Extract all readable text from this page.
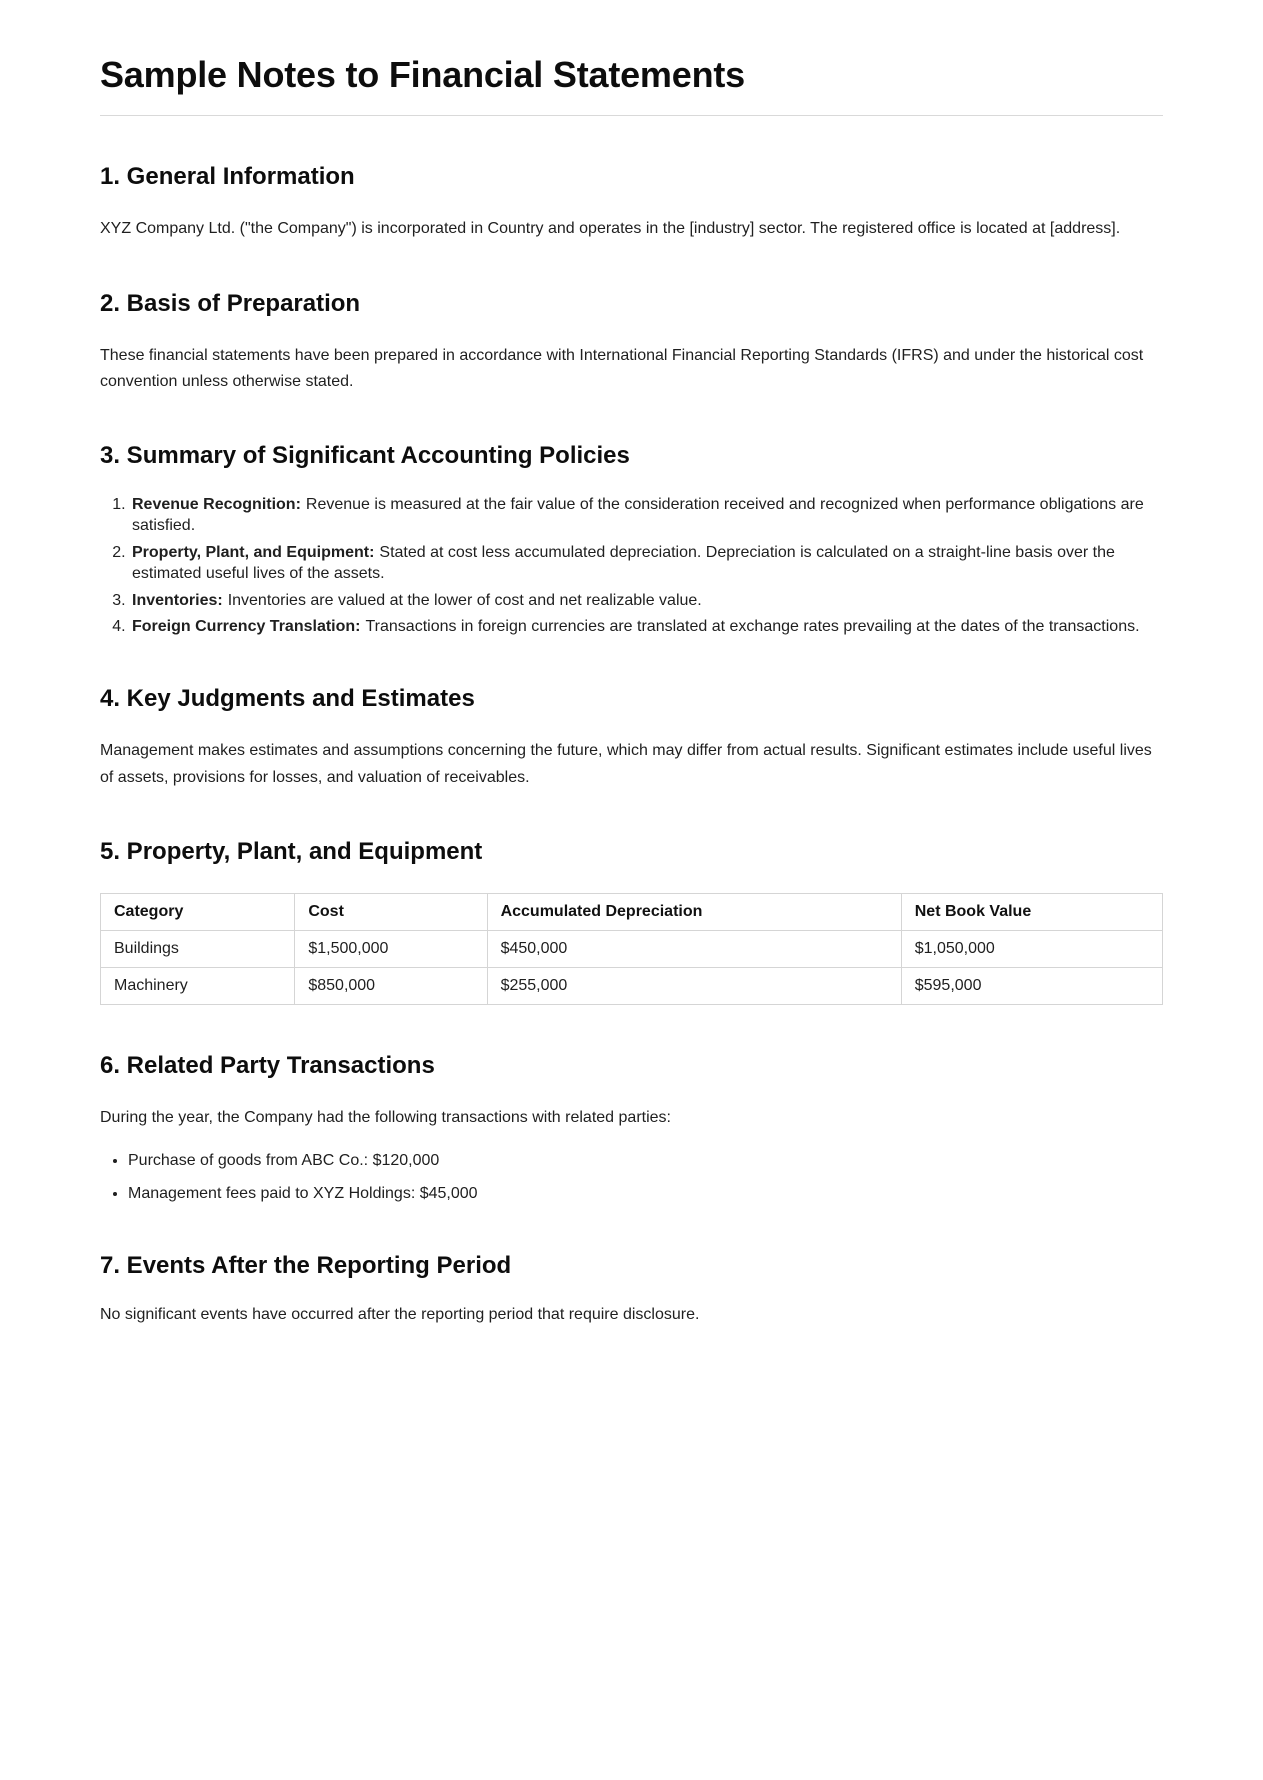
Sample Notes to Financial Statements
1. General Information

XYZ Company Ltd. ("the Company") is incorporated in Country and operates in the [industry] sector. The registered office is located at [address].

2. Basis of Preparation

These financial statements have been prepared in accordance with International Financial Reporting Standards (IFRS) and under the historical cost convention unless otherwise stated.

3. Summary of Significant Accounting Policies
1. Revenue Recognition: Revenue is measured at the fair value of the consideration received and recognized when performance obligations are satisfied.
2. Property, Plant, and Equipment: Stated at cost less accumulated depreciation. Depreciation is calculated on a straight-line basis over the estimated useful lives of the assets.
3. Inventories: Inventories are valued at the lower of cost and net realizable value.
4. Foreign Currency Translation: Transactions in foreign currencies are translated at exchange rates prevailing at the dates of the transactions.
4. Key Judgments and Estimates

Management makes estimates and assumptions concerning the future, which may differ from actual results. Significant estimates include useful lives of assets, provisions for losses, and valuation of receivables.

5. Property, Plant, and Equipment
Category	Cost	Accumulated Depreciation	Net Book Value
Buildings	$1,500,000	$450,000	$1,050,000
Machinery	$850,000	$255,000	$595,000
6. Related Party Transactions

During the year, the Company had the following transactions with related parties:

• Purchase of goods from ABC Co.: $120,000
• Management fees paid to XYZ Holdings: $45,000
7. Events After the Reporting Period

No significant events have occurred after the reporting period that require disclosure.
